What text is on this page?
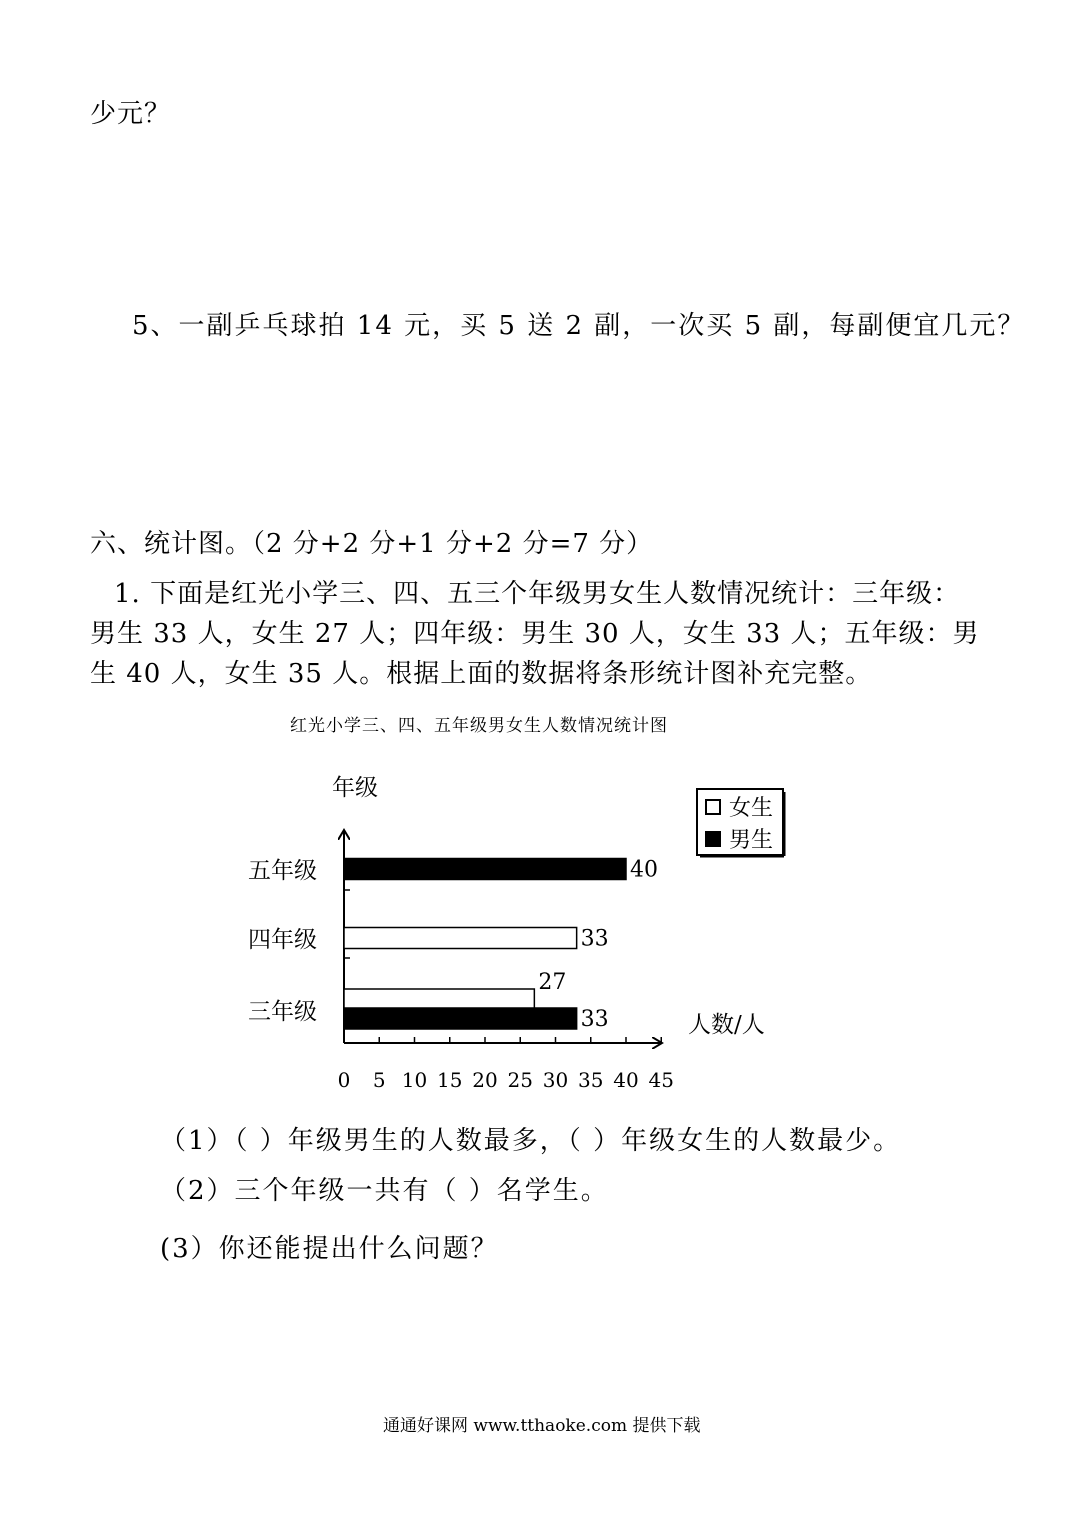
少元？
5、一副乒乓球拍 14 元，买 5 送 2 副，一次买 5 副，每副便宜几元？
六、统计图。（2 分+2 分+1 分+2 分=7 分）
1. 下面是红光小学三、四、五三个年级男女生人数情况统计：三年级：
男生 33 人，女生 27 人；四年级：男生 30 人，女生 33 人；五年级：男
生 40 人，女生 35 人。根据上面的数据将条形统计图补充完整。
红光小学三、四、五年级男女生人数情况统计图
0 5 10 15 20 25 30 35 40 45
三年级
四年级
五年级
27
33
33
40
年级
人数/人
女生
男生
（1）（ ）年级男生的人数最多，（ ）年级女生的人数最少。
（2）三个年级一共有（ ）名学生。
(3）你还能提出什么问题？
通通好课网 www.tthaoke.com 提供下载
